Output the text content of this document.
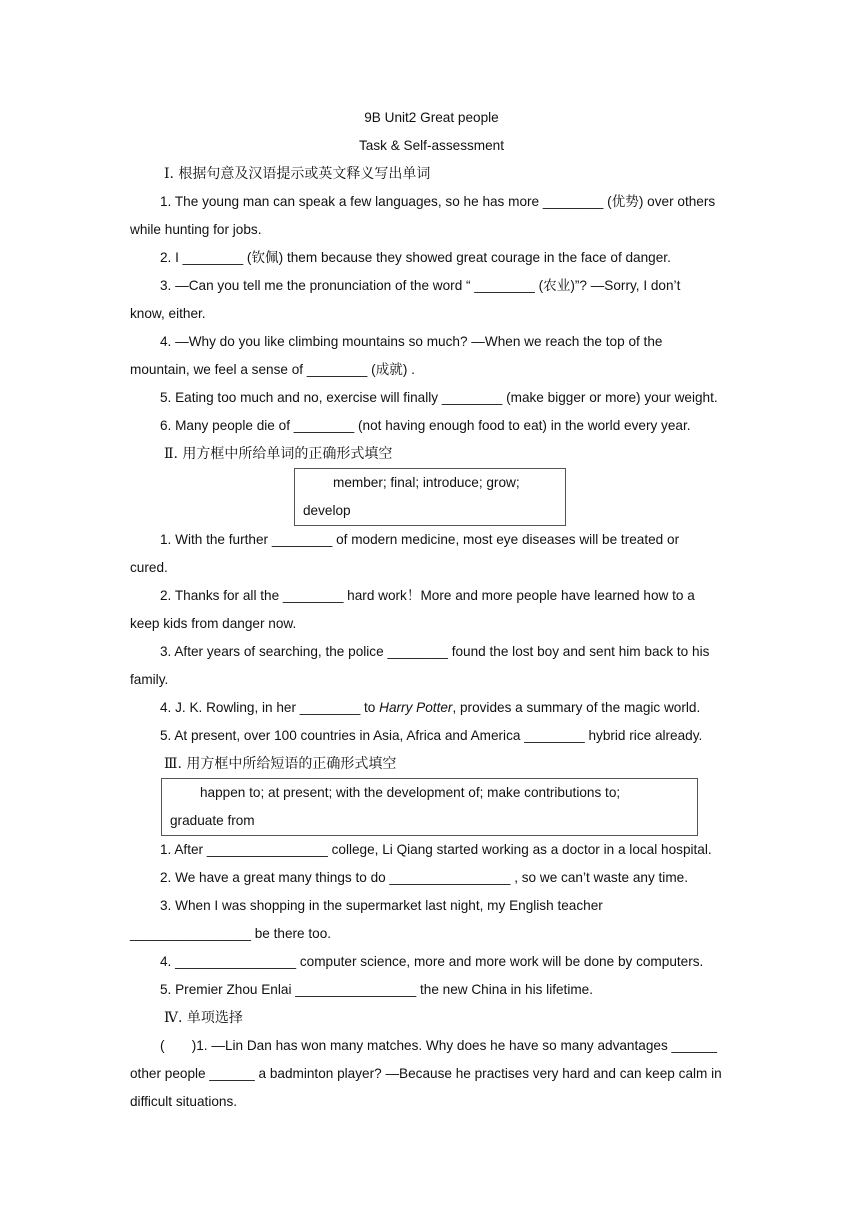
9B Unit2 Great people
Task & Self-assessment
Ⅰ. 根据句意及汉语提示或英文释义写出单词
1. The young man can speak a few languages, so he has more ________ (优势) over others
while hunting for jobs.
2. I ________ (钦佩) them because they showed great courage in the face of danger.
3. —Can you tell me the pronunciation of the word “ ________ (农业)”? —Sorry, I don’t
know, either.
4. —Why do you like climbing mountains so much? —When we reach the top of the
mountain, we feel a sense of ________ (成就) .
5. Eating too much and no, exercise will finally ________ (make bigger or more) your weight.
6. Many people die of ________ (not having enough food to eat) in the world every year.
Ⅱ. 用方框中所给单词的正确形式填空
member; final; introduce; grow;
develop
1. With the further ________ of modern medicine, most eye diseases will be treated or
cured.
2. Thanks for all the ________ hard work！More and more people have learned how to a
keep kids from danger now.
3. After years of searching, the police ________ found the lost boy and sent him back to his
family.
4. J. K. Rowling, in her ________ to Harry Potter, provides a summary of the magic world.
5. At present, over 100 countries in Asia, Africa and America ________ hybrid rice already.
Ⅲ. 用方框中所给短语的正确形式填空
happen to; at present; with the development of; make contributions to;
graduate from
1. After ________________ college, Li Qiang started working as a doctor in a local hospital.
2. We have a great many things to do ________________ , so we can’t waste any time.
3. When I was shopping in the supermarket last night, my English teacher
________________ be there too.
4. ________________ computer science, more and more work will be done by computers.
5. Premier Zhou Enlai ________________ the new China in his lifetime.
Ⅳ. 单项选择
(　　)1. —Lin Dan has won many matches. Why does he have so many advantages ______
other people ______ a badminton player? —Because he practises very hard and can keep calm in
difficult situations.
